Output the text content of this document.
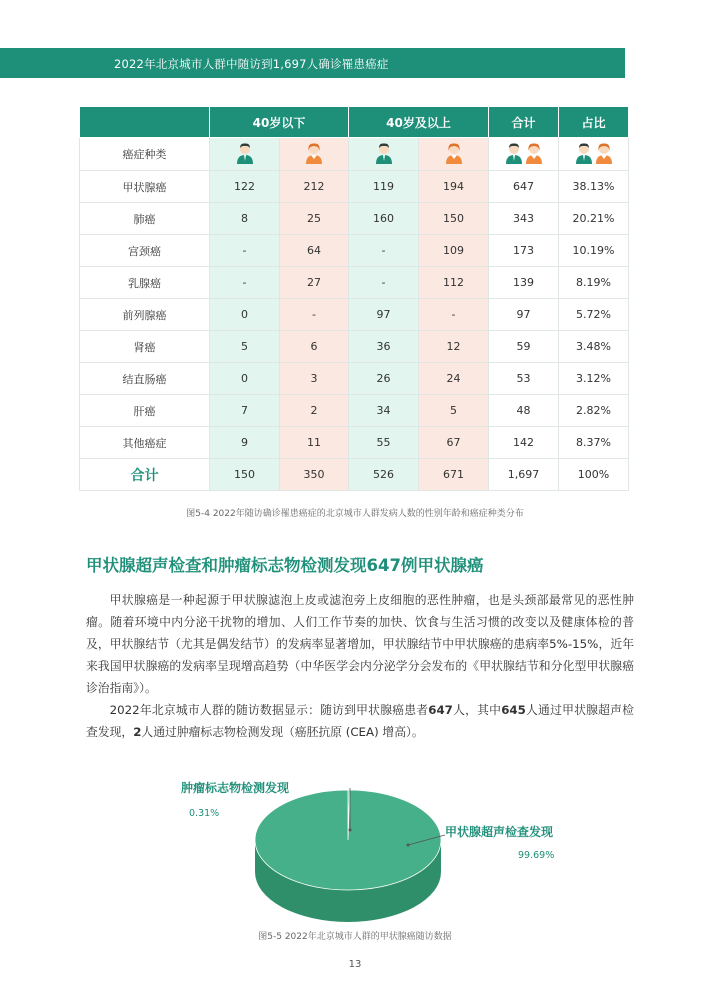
2022年北京城市人群中随访到1,697人确诊罹患癌症
	40岁以下		40岁及以上		合计	占比
癌症种类						
甲状腺癌	122	212	119	194	647	38.13%
肺癌	8	25	160	150	343	20.21%
宫颈癌	-	64	-	109	173	10.19%
乳腺癌	-	27	-	112	139	8.19%
前列腺癌	0	-	97	-	97	5.72%
肾癌	5	6	36	12	59	3.48%
结直肠癌	0	3	26	24	53	3.12%
肝癌	7	2	34	5	48	2.82%
其他癌症	9	11	55	67	142	8.37%
合计	150	350	526	671	1,697	100%
图5-4 2022年随访确诊罹患癌症的北京城市人群发病人数的性别年龄和癌症种类分布
甲状腺超声检查和肿瘤标志物检测发现647例甲状腺癌
甲状腺癌是一种起源于甲状腺滤泡上皮或滤泡旁上皮细胞的恶性肿瘤，也是头颈部最常见的恶性肿瘤。随着环境中内分泌干扰物的增加、人们工作节奏的加快、饮食与生活习惯的改变以及健康体检的普及，甲状腺结节（尤其是偶发结节）的发病率显著增加，甲状腺结节中甲状腺癌的患病率5%-15%，近年来我国甲状腺癌的发病率呈现增高趋势（中华医学会内分泌学分会发布的《甲状腺结节和分化型甲状腺癌诊治指南》）。
2022年北京城市人群的随访数据显示：随访到甲状腺癌患者647人，其中645人通过甲状腺超声检查发现，2人通过肿瘤标志物检测发现（癌胚抗原 (CEA) 增高）。
肿瘤标志物检测发现
0.31%
甲状腺超声检查发现
99.69%
图5-5 2022年北京城市人群的甲状腺癌随访数据
13
